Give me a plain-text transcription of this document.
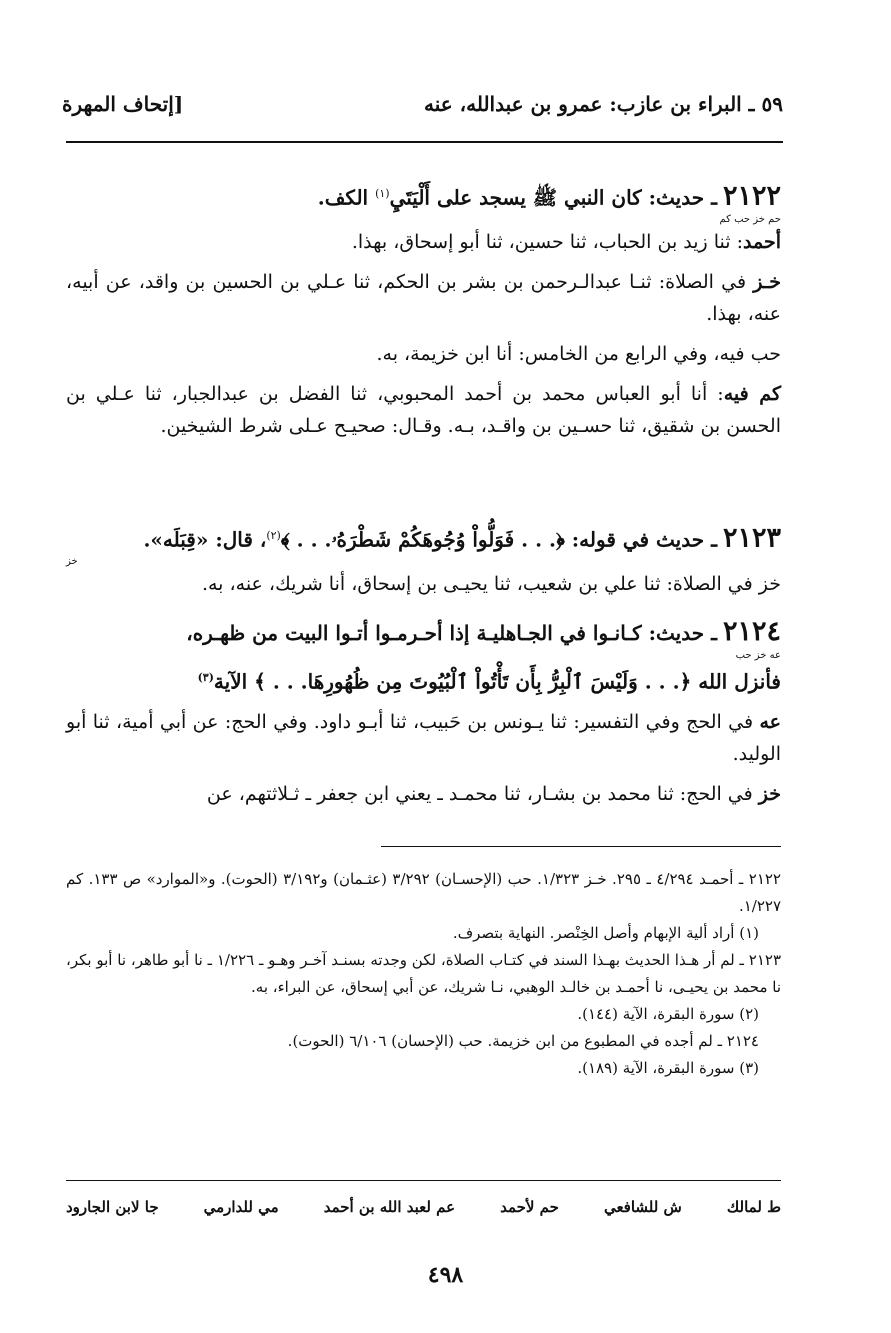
٥٩ ـ البراء بن عازب: عمرو بن عبدالله، عنه
[إتحاف المهرة
٢١٢٢ ـ حديث: كان النبي ﷺ يسجد على أَلْيَتَيِ$^{(١)}$ الكف.
حم خز حب كم

أحمد: ثنا زيد بن الحباب، ثنا حسين، ثنا أبو إسحاق، بهذا.

خـز في الصلاة: ثنـا عبدالـرحمن بن بشر بن الحكم، ثنا عـلي بن الحسين بن واقد، عن أبيه، عنه، بهذا.

حب فيه، وفي الرابع من الخامس: أنا ابن خزيمة، به.

كم فيه: أنا أبو العباس محمد بن أحمد المحبوبي، ثنا الفضل بن عبدالجبار، ثنا عـلي بن الحسن بن شقيق، ثنا حسـين بن واقـد، بـه. وقـال: صحيـح عـلى شرط الشيخين.

٢١٢٣ ـ حديث في قوله: ﴿. . . فَوَلُّواْ وُجُوهَكُمْ شَطْرَهُۥ. . . ﴾$^{(٢)}$، قال: «قِبَلَه».
خز

خز في الصلاة: ثنا علي بن شعيب، ثنا يحيـى بن إسحاق، أنا شريك، عنه، به.

٢١٢٤ ـ حديث: كـانـوا في الجـاهليـة إذا أحـرمـوا أتـوا البيت من ظهـره،
عه خز حب
فأنزل الله ﴿. . . وَلَيْسَ ٱلْبِرُّ بِأَن تَأْتُواْ ٱلْبُيُوتَ مِن ظُهُورِهَا. . . ﴾ الآية$^{(٣)}$

عه في الحج وفي التفسير: ثنا يـونس بن حَبيب، ثنا أبـو داود. وفي الحج: عن أبي أمية، ثنا أبو الوليد.

خز في الحج: ثنا محمد بن بشـار، ثنا محمـد ـ يعني ابن جعفر ـ ثـلاثتهم، عن

٢١٢٢ ـ أحمـد ٤/٢٩٤ ـ ٢٩٥. خـز ١/٣٢٣. حب (الإحسـان) ٣/٢٩٢ (عثـمان) و٣/١٩٢ (الحوت). و«الموارد» ص ١٣٣. كم ١/٢٢٧.
(١) أراد ألية الإبهام وأصل الخِنْصر. النهاية بتصرف.
٢١٢٣ ـ لم أر هـذا الحديث بهـذا السند في كتـاب الصلاة، لكن وجدته بسنـد آخـر وهـو ـ ١/٢٢٦ ـ نا أبو طاهر، نا أبو بكر، نا محمد بن يحيـى، نا أحمـد بن خالـد الوهبي، نـا شريك، عن أبي إسحاق، عن البراء، به.
(٢) سورة البقرة، الآية (١٤٤).
٢١٢٤ ـ لم أجده في المطبوع من ابن خزيمة. حب (الإحسان) ٦/١٠٦ (الحوت).
(٣) سورة البقرة، الآية (١٨٩).
ط لمالك
ش للشافعي
حم لأحمد
عم لعبد الله بن أحمد
مي للدارمي
جا لابن الجارود
٤٩٨
